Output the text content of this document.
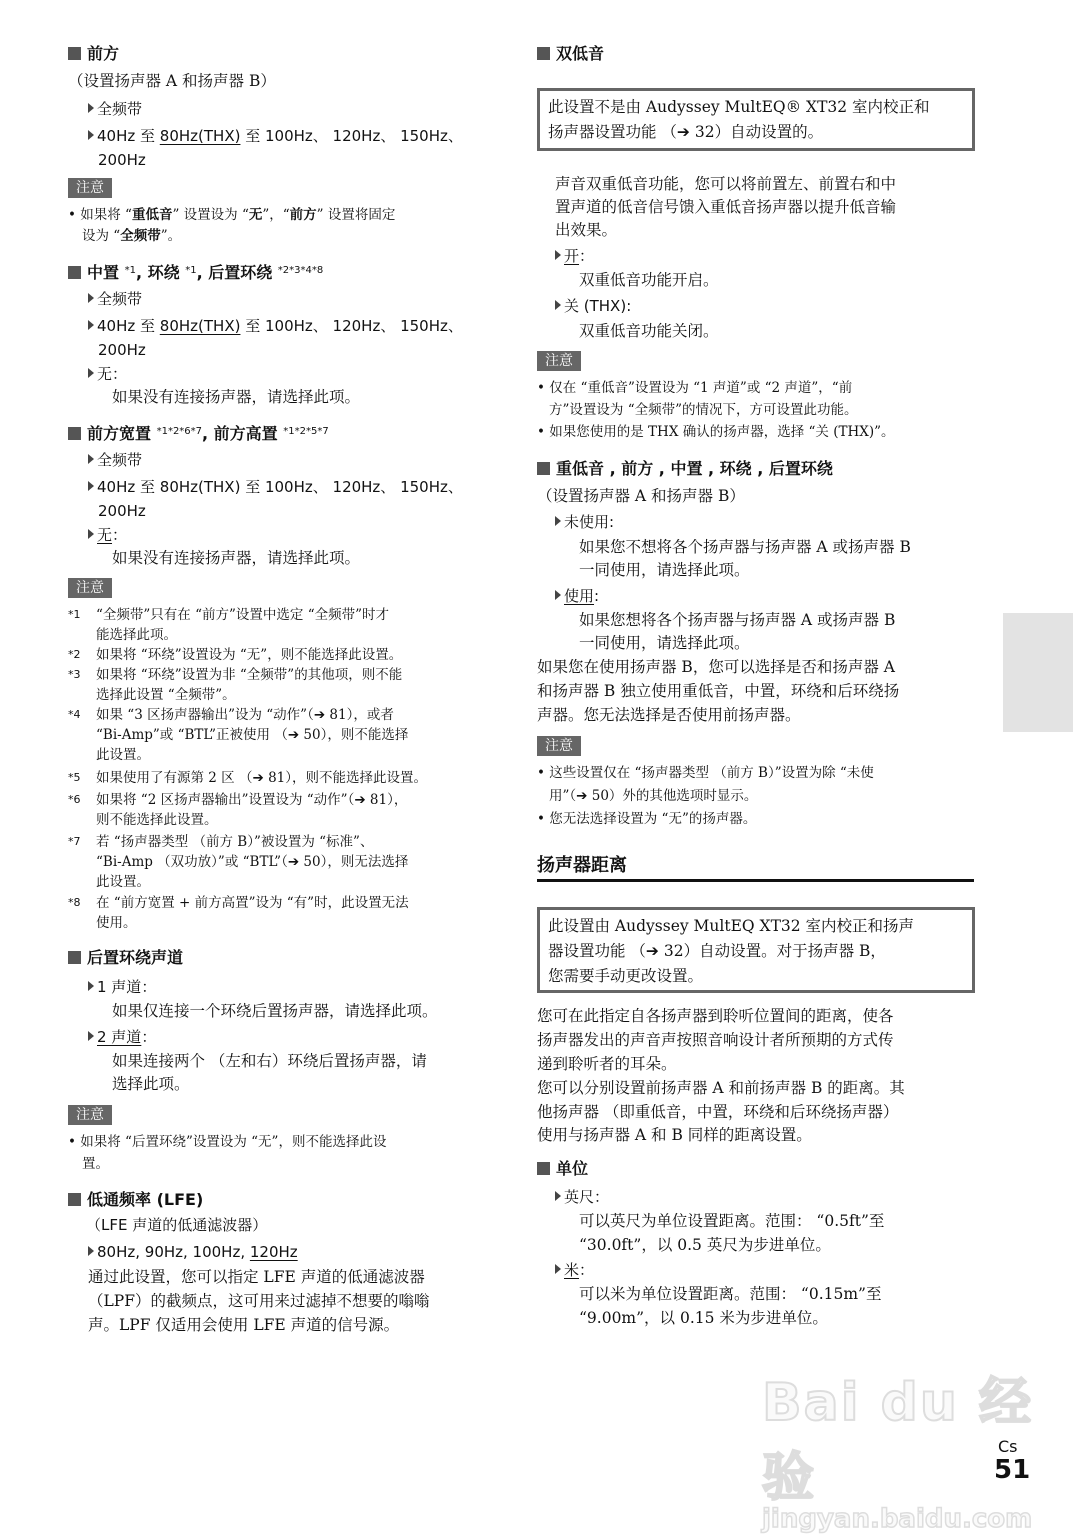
前方
（设置扬声器 A 和扬声器 B）
全频带
40Hz 至 80Hz(THX) 至 100Hz、 120Hz、 150Hz、
200Hz
注意
• 如果将 “重低音” 设置设为 “无”，“前方” 设置将固定
设为 “全频带”。
中置 $^{*1}$, 环绕 $^{*1}$, 后置环绕 $^{*2*3*4*8}$
全频带
40Hz 至 80Hz(THX) 至 100Hz、 120Hz、 150Hz、
200Hz
无：
如果没有连接扬声器，请选择此项。
前方宽置 $^{*1*2*6*7}$, 前方高置 $^{*1*2*5*7}$
全频带
40Hz 至 80Hz(THX) 至 100Hz、 120Hz、 150Hz、
200Hz
无：
如果没有连接扬声器，请选择此项。
注意
*1 “全频带”只有在 “前方”设置中选定 “全频带”时才
能选择此项。
*2 如果将 “环绕”设置设为 “无”，则不能选择此设置。
*3 如果将 “环绕”设置为非 “全频带”的其他项，则不能
选择此设置 “全频带”。
*4 如果 “3 区扬声器输出”设为 “动作”（➔ 81），或者
“Bi-Amp”或 “BTL”正被使用 （➔ 50），则不能选择
此设置。
*5 如果使用了有源第 2 区 （➔ 81），则不能选择此设置。
*6 如果将 “2 区扬声器输出”设置设为 “动作”（➔ 81），
则不能选择此设置。
*7 若 “扬声器类型 （前方 B）”被设置为 “标准”、
“Bi-Amp （双功放）”或 “BTL”（➔ 50），则无法选择
此设置。
*8 在 “前方宽置 + 前方高置”设为 “有”时，此设置无法
使用。
后置环绕声道
1 声道：
如果仅连接一个环绕后置扬声器，请选择此项。
2 声道：
如果连接两个 （左和右）环绕后置扬声器，请
选择此项。
注意
• 如果将 “后置环绕”设置设为 “无”，则不能选择此设
置。
低通频率 (LFE)
（LFE 声道的低通滤波器）
80Hz, 90Hz, 100Hz, 120Hz
通过此设置，您可以指定 LFE 声道的低通滤波器
（LPF）的截频点，这可用来过滤掉不想要的嗡嗡
声。LPF 仅适用会使用 LFE 声道的信号源。
双低音
此设置不是由 Audyssey MultEQ® XT32 室内校正和
扬声器设置功能 （➔ 32）自动设置的。
声音双重低音功能，您可以将前置左、前置右和中
置声道的低音信号馈入重低音扬声器以提升低音输
出效果。
开：
双重低音功能开启。
关 (THX):
双重低音功能关闭。
注意
• 仅在 “重低音”设置设为 “1 声道”或 “2 声道”，“前
方”设置设为 “全频带”的情况下，方可设置此功能。
• 如果您使用的是 THX 确认的扬声器，选择 “关 (THX)”。
重低音 , 前方 , 中置 , 环绕 , 后置环绕
（设置扬声器 A 和扬声器 B）
未使用:
如果您不想将各个扬声器与扬声器 A 或扬声器 B
一同使用，请选择此项。
使用:
如果您想将各个扬声器与扬声器 A 或扬声器 B
一同使用，请选择此项。
如果您在使用扬声器 B，您可以选择是否和扬声器 A
和扬声器 B 独立使用重低音，中置，环绕和后环绕扬
声器。您无法选择是否使用前扬声器。
注意
• 这些设置仅在 “扬声器类型 （前方 B）”设置为除 “未使
用”（➔ 50）外的其他选项时显示。
• 您无法选择设置为 “无”的扬声器。
扬声器距离
此设置由 Audyssey MultEQ XT32 室内校正和扬声
器设置功能 （➔ 32）自动设置。对于扬声器 B，
您需要手动更改设置。
您可在此指定自各扬声器到聆听位置间的距离，使各
扬声器发出的声音声按照音响设计者所预期的方式传
递到聆听者的耳朵。
您可以分别设置前扬声器 A 和前扬声器 B 的距离。其
他扬声器 （即重低音，中置，环绕和后环绕扬声器）
使用与扬声器 A 和 B 同样的距离设置。
单位
英尺：
可以英尺为单位设置距离。范围： “0.5ft”至
“30.0ft”，以 0.5 英尺为步进单位。
米：
可以米为单位设置距离。范围： “0.15m”至
“9.00m”，以 0.15 米为步进单位。
Bai du 经验
jingyan.baidu.com
Cs
51
